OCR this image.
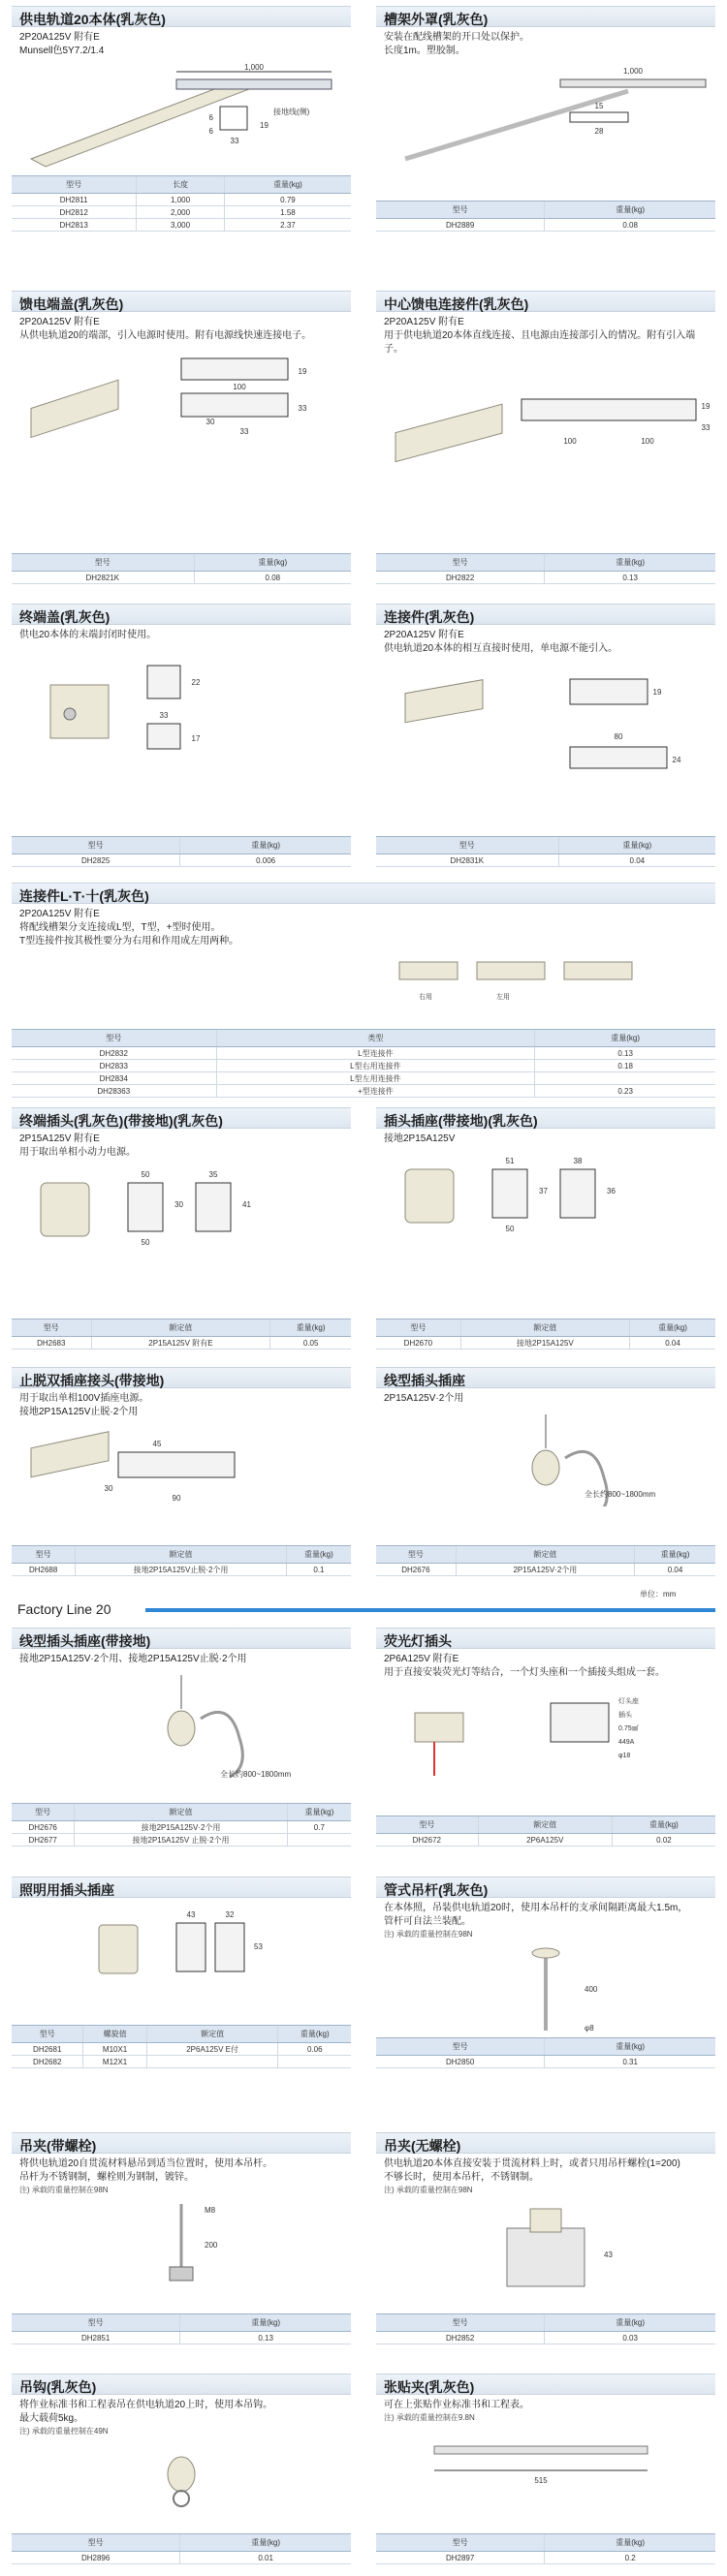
供电轨道20本体(乳灰色)
2P20A125V 附有E
Munsell色5Y7.2/1.4
1,000
6
接地线(侧)
6
33
19
型号	长度	重量(kg)
DH2811	1,000	0.79
DH2812	2,000	1.58
DH2813	3,000	2.37
槽架外罩(乳灰色)
安装在配线槽架的开口处以保护。
长度1m。塑胶制。
1,000
15
28
型号	重量(kg)
DH2889	0.08
馈电端盖(乳灰色)
2P20A125V 附有E
从供电轨道20的端部，引入电源时使用。附有电源线快速连接电子。
100
30
33
19
33
型号	重量(kg)
DH2821K	0.08
中心馈电连接件(乳灰色)
2P20A125V 附有E
用于供电轨道20本体直线连接、且电源由连接部引入的情况。附有引入端子。
19
100	100
33
型号	重量(kg)
DH2822	0.13
终端盖(乳灰色)
供电20本体的末端封闭时使用。
22
33
17
型号	重量(kg)
DH2825	0.006
连接件(乳灰色)
2P20A125V 附有E
供电轨道20本体的相互直接时使用，单电源不能引入。
19
80
24
型号	重量(kg)
DH2831K	0.04
连接件L·T·十(乳灰色)
2P20A125V 附有E
将配线槽架分支连接成L型，T型，+型时使用。
T型连接件按其极性要分为右用和作用成左用两种。
右用	左用
型号	类型	重量(kg)
DH2832	L型连接件	0.13
DH2833	L型右用连接件	0.18
DH2834	L型左用连接件	
DH28363	+型连接件	0.23
终端插头(乳灰色)(带接地)(乳灰色)
2P15A125V 附有E
用于取出单相小动力电源。
50	35
41
50
30
型号	额定值	重量(kg)
DH2683	2P15A125V 附有E	0.05
插头插座(带接地)(乳灰色)
接地2P15A125V
51	38
36
50
37
型号	额定值	重量(kg)
DH2670	接地2P15A125V	0.04
止脱双插座接头(带接地)
用于取出单相100V插座电源。
接地2P15A125V止脱·2个用
30
45
90
型号	额定值	重量(kg)
DH2688	接地2P15A125V止脱·2个用	0.1
线型插头插座
2P15A125V·2个用
全长约800~1800mm
型号	额定值	重量(kg)
DH2676	2P15A125V·2个用	0.04
线型插头插座(带接地)
接地2P15A125V·2个用、接地2P15A125V止脱·2个用
全长约800~1800mm
型号	额定值	重量(kg)
DH2676	接地2P15A125V·2个用	0.7
DH2677	接地2P15A125V 止脱·2个用	
荧光灯插头
2P6A125V 附有E
用于直接安装荧光灯等结合，一个灯头座和一个插接头组成一套。
灯头座
插头
0.75㎟
449A
φ18
型号	额定值	重量(kg)
DH2672	2P6A125V	0.02
照明用插头插座
43	32
53
型号	螺旋值	额定值	重量(kg)
DH2681	M10X1	2P6A125V E付	0.06
DH2682	M12X1		
管式吊杆(乳灰色)
在本体照，吊装供电轨道20时，使用本吊杆的支承间隔距离最大1.5m，
管杆可自法兰装配。
注) 承载的重量控制在98N
400
φ8
型号	重量(kg)
DH2850	0.31
吊夹(带螺栓)
将供电轨道20自贯流材料悬吊到适当位置时，使用本吊杆。
吊杆为不锈钢制，螺栓则为钢制，镀锌。
注) 承载的重量控制在98N
M8
200
型号	重量(kg)
DH2851	0.13
吊夹(无螺栓)
供电轨道20本体直接安装于贯流材料上时，或者只用吊杆螺栓(1=200)
不够长时，使用本吊杆，不锈钢制。
注) 承载的重量控制在98N
43
型号	重量(kg)
DH2852	0.03
吊钩(乳灰色)
将作业标准书和工程表吊在供电轨道20上时，使用本吊钩。
最大载荷5kg。
注) 承载的重量控制在49N
型号	重量(kg)
DH2896	0.01
张贴夹(乳灰色)
可在上张贴作业标准书和工程表。
注) 承载的重量控制在9.8N
515
型号	重量(kg)
DH2897	0.2
单位：mm
Factory Line 20
